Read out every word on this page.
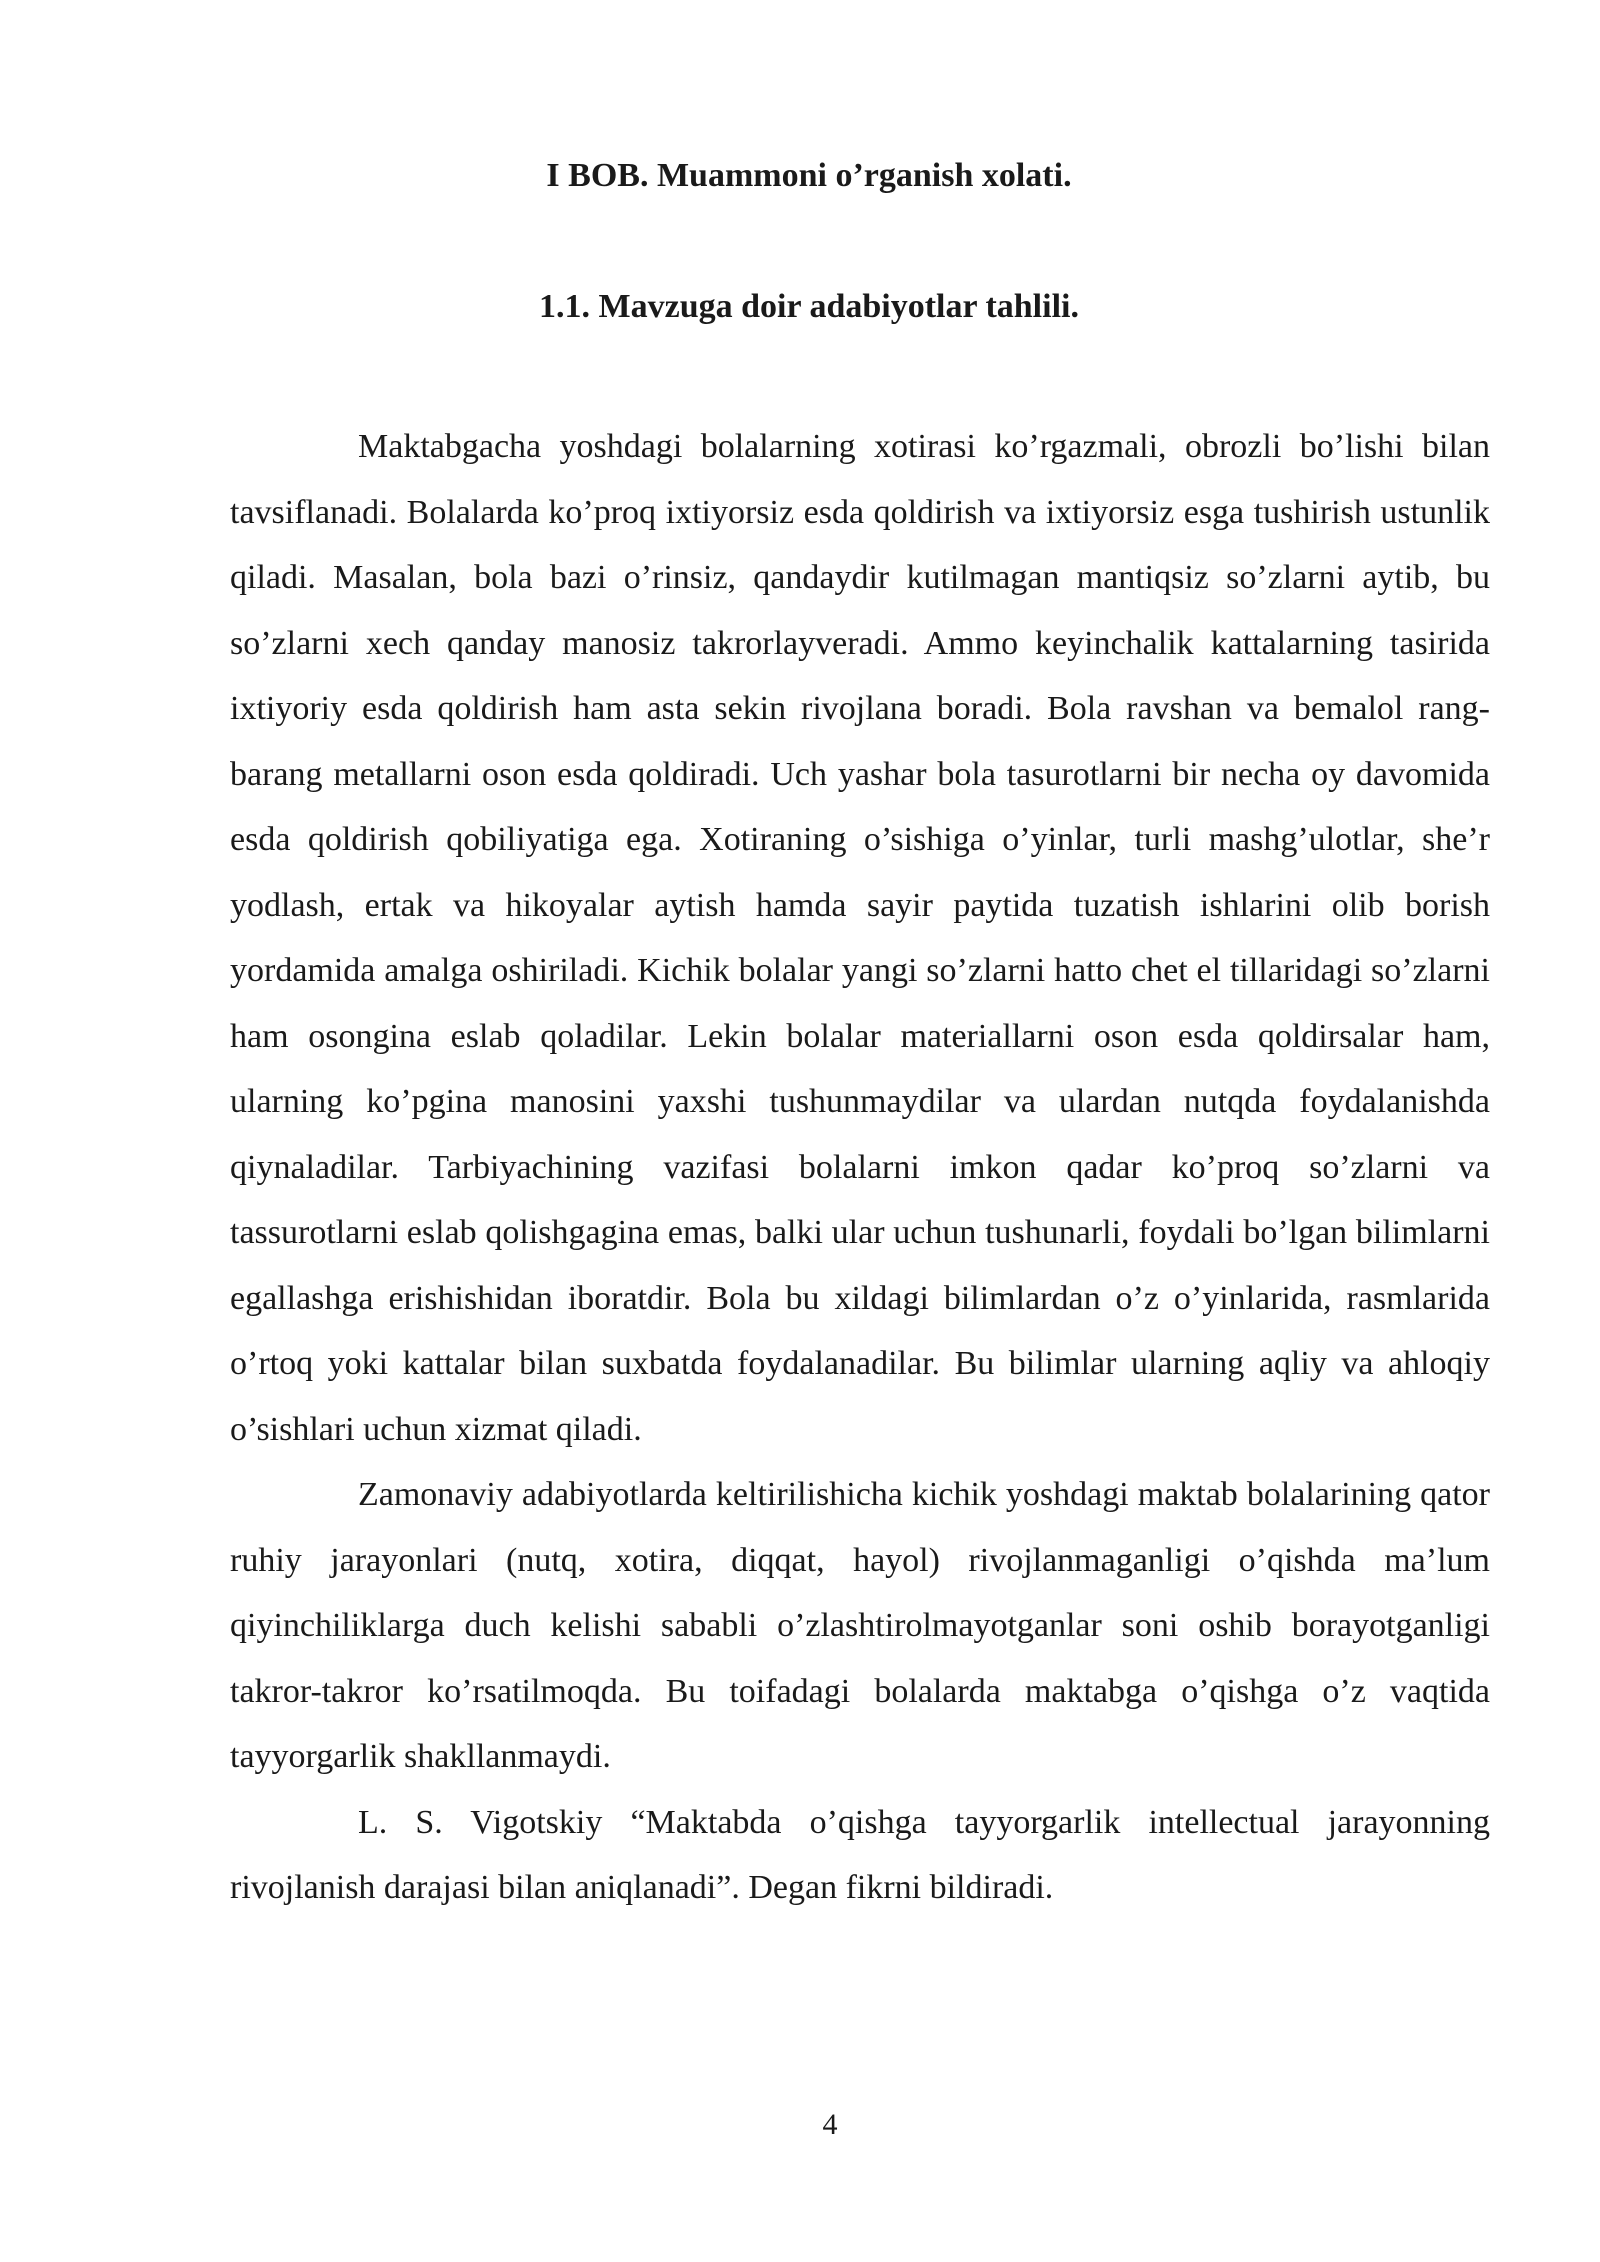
I BOB. Muammoni o’rganish xolati.
1.1. Mavzuga doir adabiyotlar tahlili.

Maktabgacha yoshdagi bolalarning xotirasi ko’rgazmali, obrozli bo’lishi bilan tavsiflanadi. Bolalarda ko’proq ixtiyorsiz esda qoldirish va ixtiyorsiz esga tushirish ustunlik qiladi. Masalan, bola bazi o’rinsiz, qandaydir kutilmagan mantiqsiz so’zlarni aytib, bu so’zlarni xech qanday manosiz takrorlayveradi. Ammo keyinchalik kattalarning tasirida ixtiyoriy esda qoldirish ham asta sekin rivojlana boradi. Bola ravshan va bemalol rang-barang metallarni oson esda qoldiradi. Uch yashar bola tasurotlarni bir necha oy davomida esda qoldirish qobiliyatiga ega. Xotiraning o’sishiga o’yinlar, turli mashg’ulotlar, she’r yodlash, ertak va hikoyalar aytish hamda sayir paytida tuzatish ishlarini olib borish yordamida amalga oshiriladi. Kichik bolalar yangi so’zlarni hatto chet el tillaridagi so’zlarni ham osongina eslab qoladilar. Lekin bolalar materiallarni oson esda qoldirsalar ham, ularning ko’pgina manosini yaxshi tushunmaydilar va ulardan nutqda foydalanishda qiynaladilar. Tarbiyachining vazifasi bolalarni imkon qadar ko’proq so’zlarni va tassurotlarni eslab qolishgagina emas, balki ular uchun tushunarli, foydali bo’lgan bilimlarni egallashga erishishidan iboratdir. Bola bu xildagi bilimlardan o’z o’yinlarida, rasmlarida o’rtoq yoki kattalar bilan suxbatda foydalanadilar. Bu bilimlar ularning aqliy va ahloqiy o’sishlari uchun xizmat qiladi.

Zamonaviy adabiyotlarda keltirilishicha kichik yoshdagi maktab bolalarining qator ruhiy jarayonlari (nutq, xotira, diqqat, hayol) rivojlanmaganligi o’qishda ma’lum qiyinchiliklarga duch kelishi sababli o’zlashtirolmayotganlar soni oshib borayotganligi takror-takror ko’rsatilmoqda. Bu toifadagi bolalarda maktabga o’qishga o’z vaqtida tayyorgarlik shakllanmaydi.

L. S. Vigotskiy “Maktabda o’qishga tayyorgarlik intellectual jarayonning rivojlanish darajasi bilan aniqlanadi”. Degan fikrni bildiradi.

4
